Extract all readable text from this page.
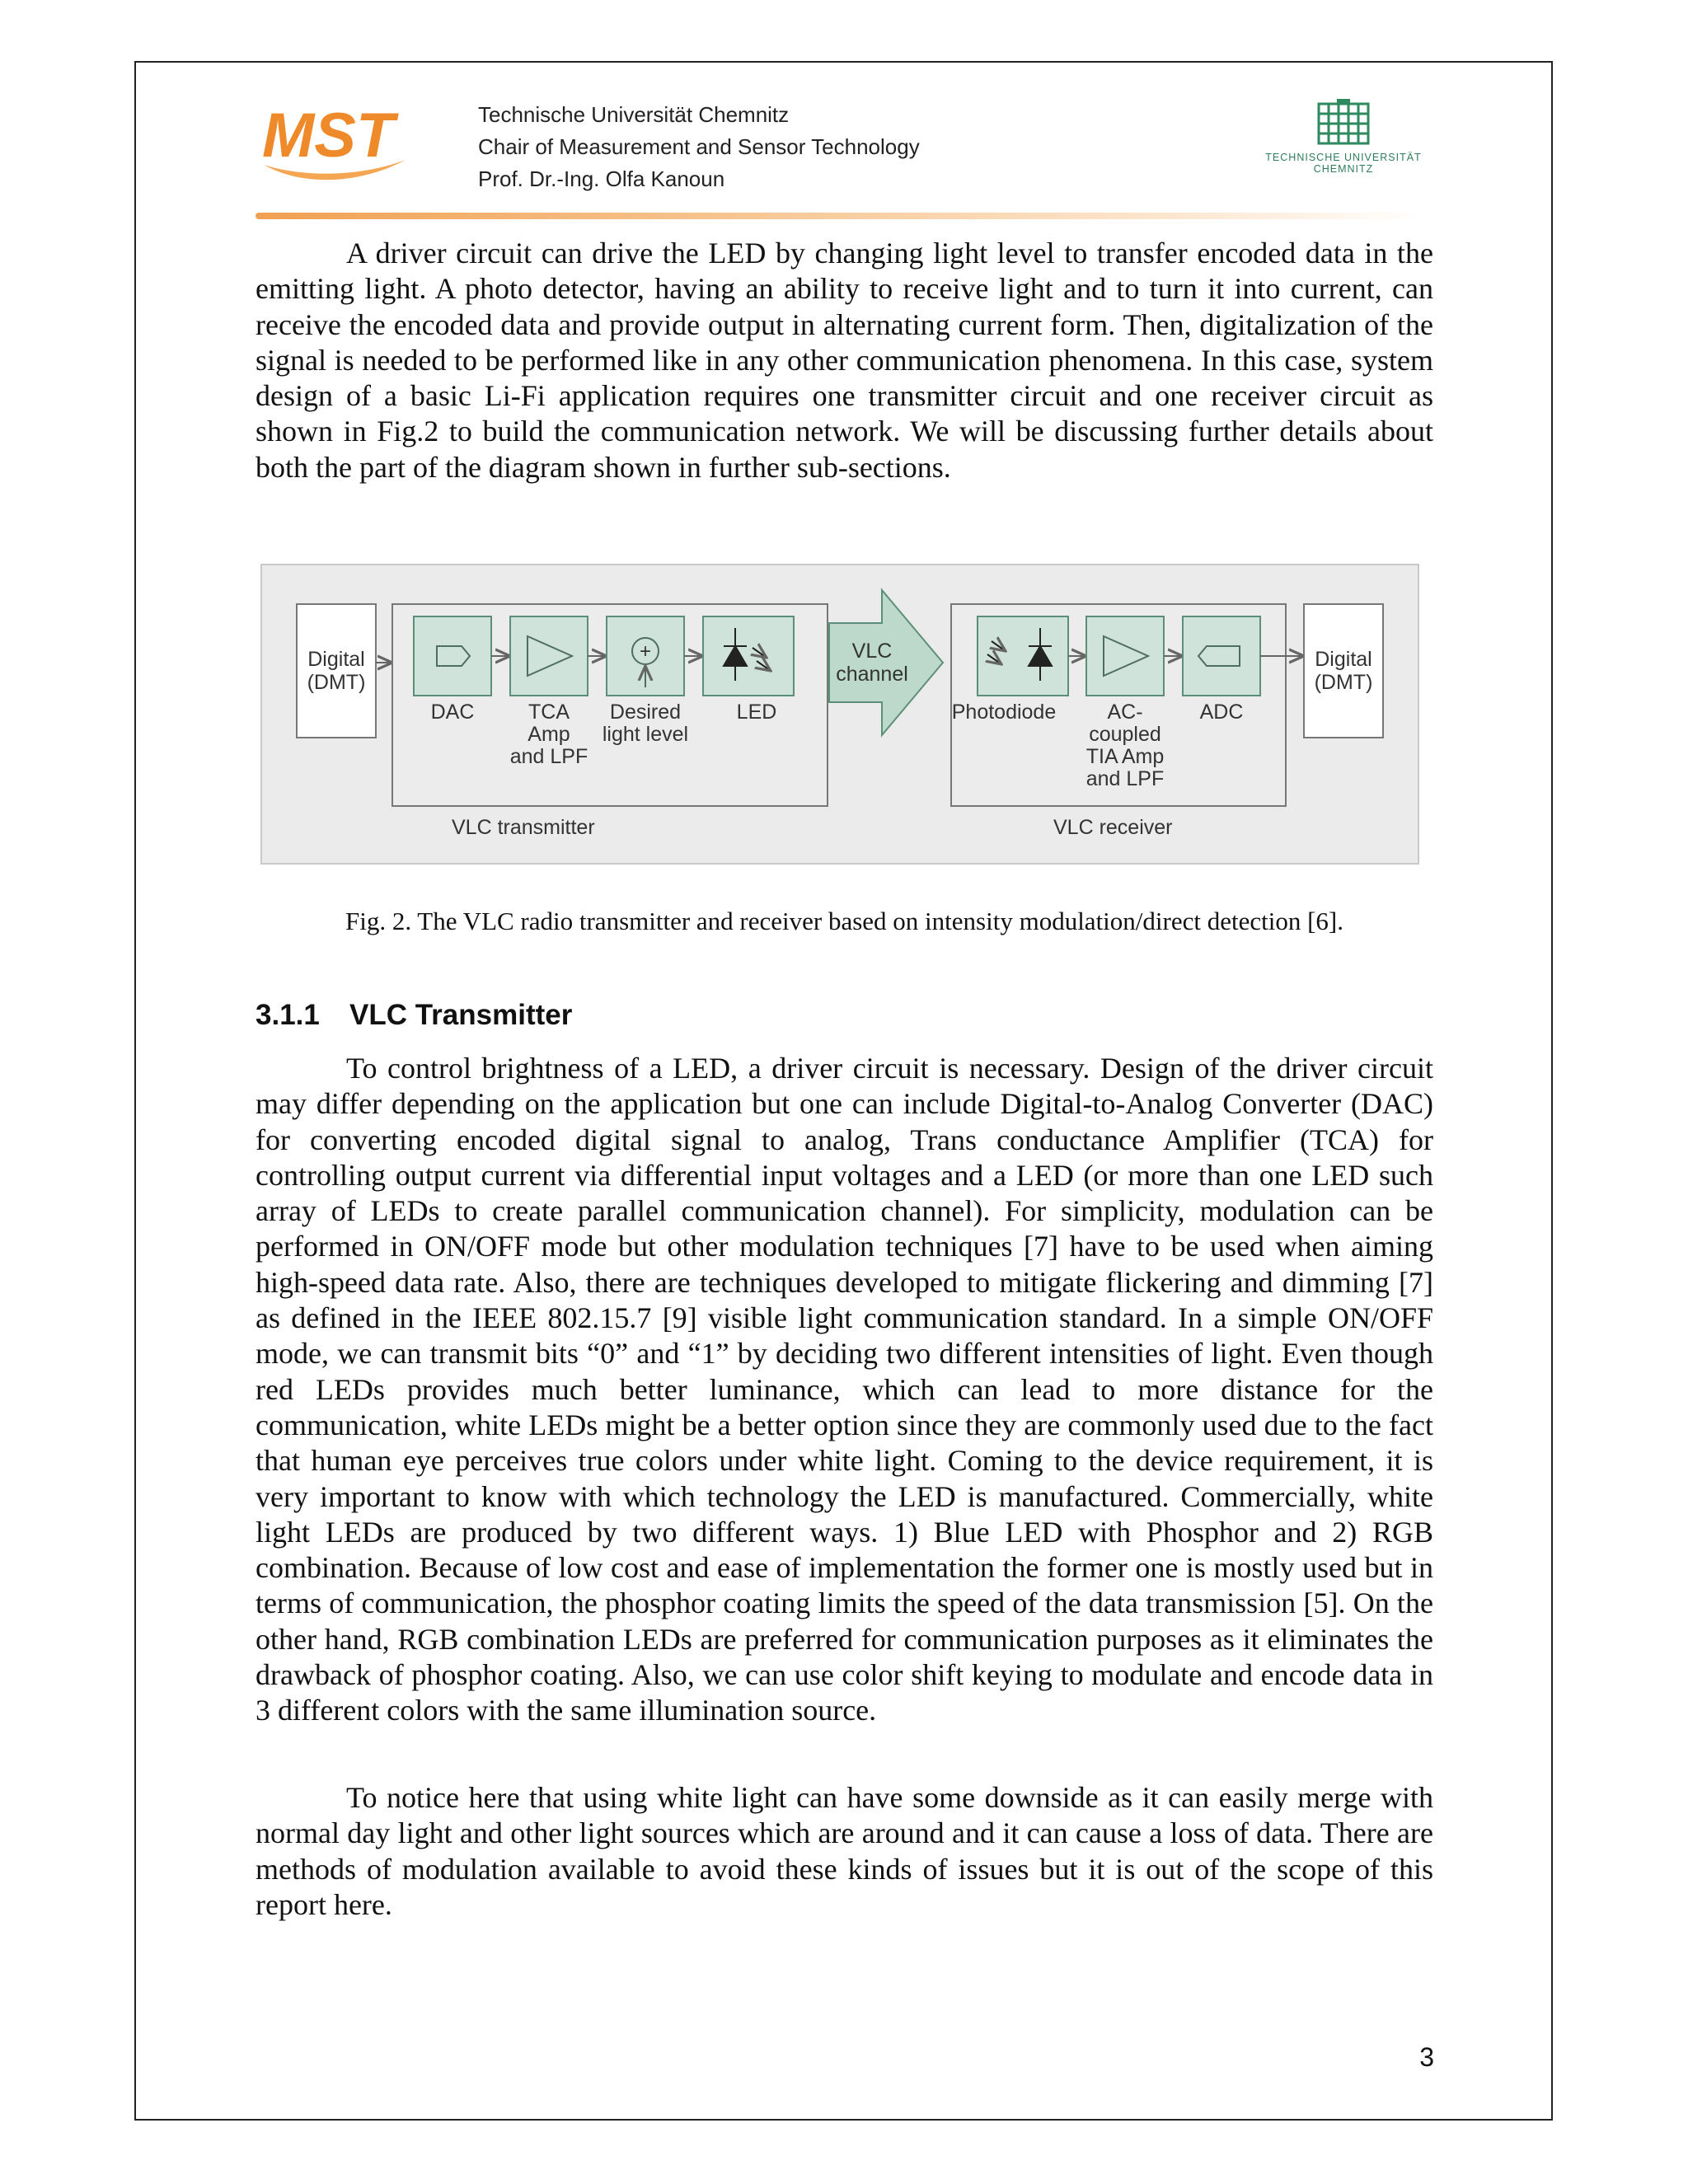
MST	Technische Universität Chemnitz
Chair of Measurement and Sensor Technology
Prof. Dr.-Ing. Olfa Kanoun
TECHNISCHE UNIVERSITÄT
CHEMNITZ
A driver circuit can drive the LED by changing light level to transfer encoded data in the emitting light. A photo detector, having an ability to receive light and to turn it into current, can receive the encoded data and provide output in alternating current form. Then, digitalization of the signal is needed to be performed like in any other communication phenomena. In this case, system design of a basic Li-Fi application requires one transmitter circuit and one receiver circuit as shown in Fig.2 to build the communication network. We will be discussing further details about both the part of the diagram shown in further sub-sections.
Digital
(DMT)
VLC transmitter
DAC	TCA
Amp
and LPF
+
Desired
light level
LED
VLC
channel
VLC receiver
Photodiode AC-
coupled
TIA Amp
and LPF
ADC
Digital
(DMT)
Fig. 2. The VLC radio transmitter and receiver based on intensity modulation/direct detection [6].
3.1.1 VLC Transmitter
To control brightness of a LED, a driver circuit is necessary. Design of the driver circuit may differ depending on the application but one can include Digital-to-Analog Converter (DAC) for converting encoded digital signal to analog, Trans conductance Amplifier (TCA) for controlling output current via differential input voltages and a LED (or more than one LED such array of LEDs to create parallel communication channel). For simplicity, modulation can be performed in ON/OFF mode but other modulation techniques [7] have to be used when aiming high-speed data rate. Also, there are techniques developed to mitigate flickering and dimming [7] as defined in the IEEE 802.15.7 [9] visible light communication standard. In a simple ON/OFF mode, we can transmit bits “0” and “1” by deciding two different intensities of light. Even though red LEDs provides much better luminance, which can lead to more distance for the communication, white LEDs might be a better option since they are commonly used due to the fact that human eye perceives true colors under white light. Coming to the device requirement, it is very important to know with which technology the LED is manufactured. Commercially, white light LEDs are produced by two different ways. 1) Blue LED with Phosphor and 2) RGB combination. Because of low cost and ease of implementation the former one is mostly used but in terms of communication, the phosphor coating limits the speed of the data transmission [5]. On the other hand, RGB combination LEDs are preferred for communication purposes as it eliminates the drawback of phosphor coating. Also, we can use color shift keying to modulate and encode data in 3 different colors with the same illumination source.
To notice here that using white light can have some downside as it can easily merge with normal day light and other light sources which are around and it can cause a loss of data. There are methods of modulation available to avoid these kinds of issues but it is out of the scope of this report here.
3
